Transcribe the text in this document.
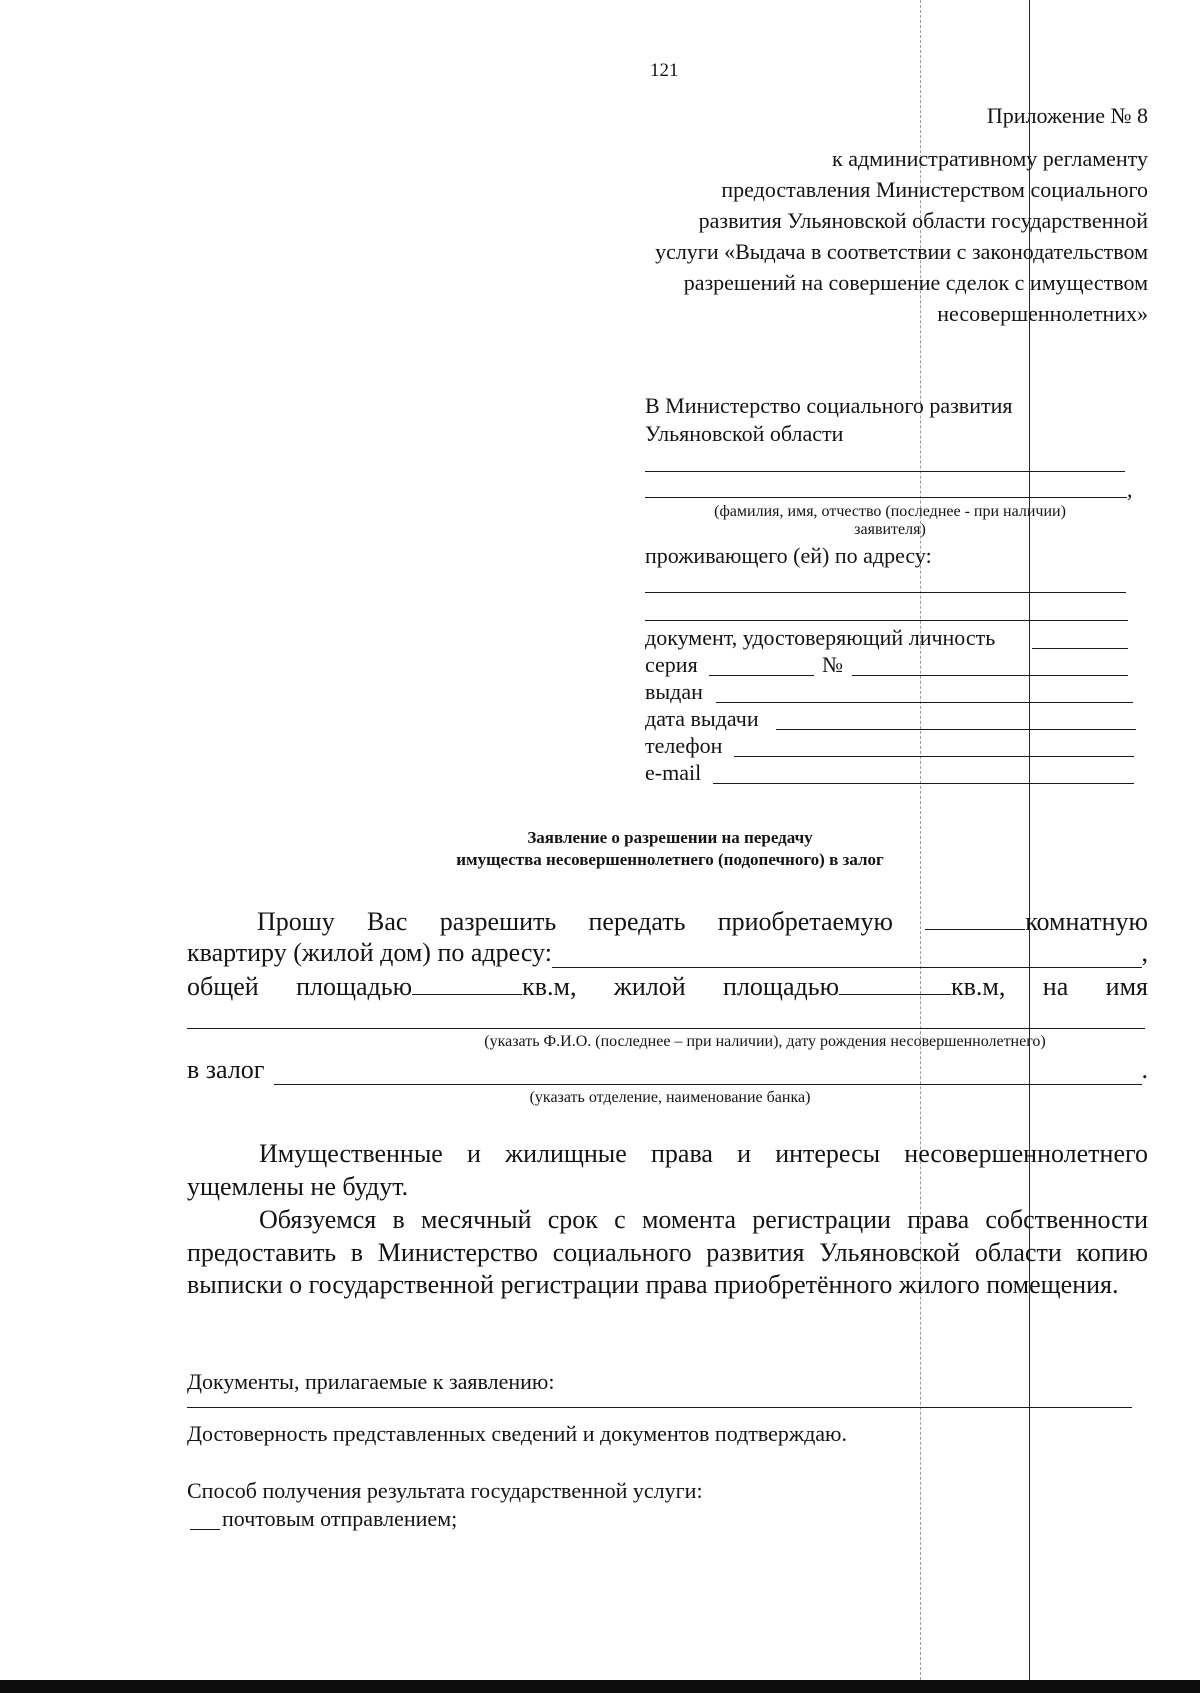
121
Приложение № 8
к административному регламенту
предоставления Министерством социального
развития Ульяновской области государственной
услуги «Выдача в соответствии с законодательством
разрешений на совершение сделок с имуществом
несовершеннолетних»
В Министерство социального развития
Ульяновской области
,
(фамилия, имя, отчество (последнее - при наличии)
заявителя)
проживающего (ей) по адресу:
документ, удостоверяющий личность
серия	№
выдан
дата выдачи
телефон
e-mail
Заявление о разрешении на передачу
имущества несовершеннолетнего (подопечного) в залог
Прошу Вас разрешить передать приобретаемую	комнатную
квартиру (жилой дом) по адресу:	,
общей площадью	кв.м, жилой площадью	кв.м, на имя
(указать Ф.И.О. (последнее – при наличии), дату рождения несовершеннолетнего)
в залог	.
(указать отделение, наименование банка)
Имущественные и жилищные права и интересы несовершеннолетнего ущемлены не будут.
Обязуемся в месячный срок с момента регистрации права собственности предоставить в Министерство социального развития Ульяновской области копию выписки о государственной регистрации права приобретённого жилого помещения.
Документы, прилагаемые к заявлению:
Достоверность представленных сведений и документов подтверждаю.
Способ получения результата государственной услуги:
почтовым отправлением;
